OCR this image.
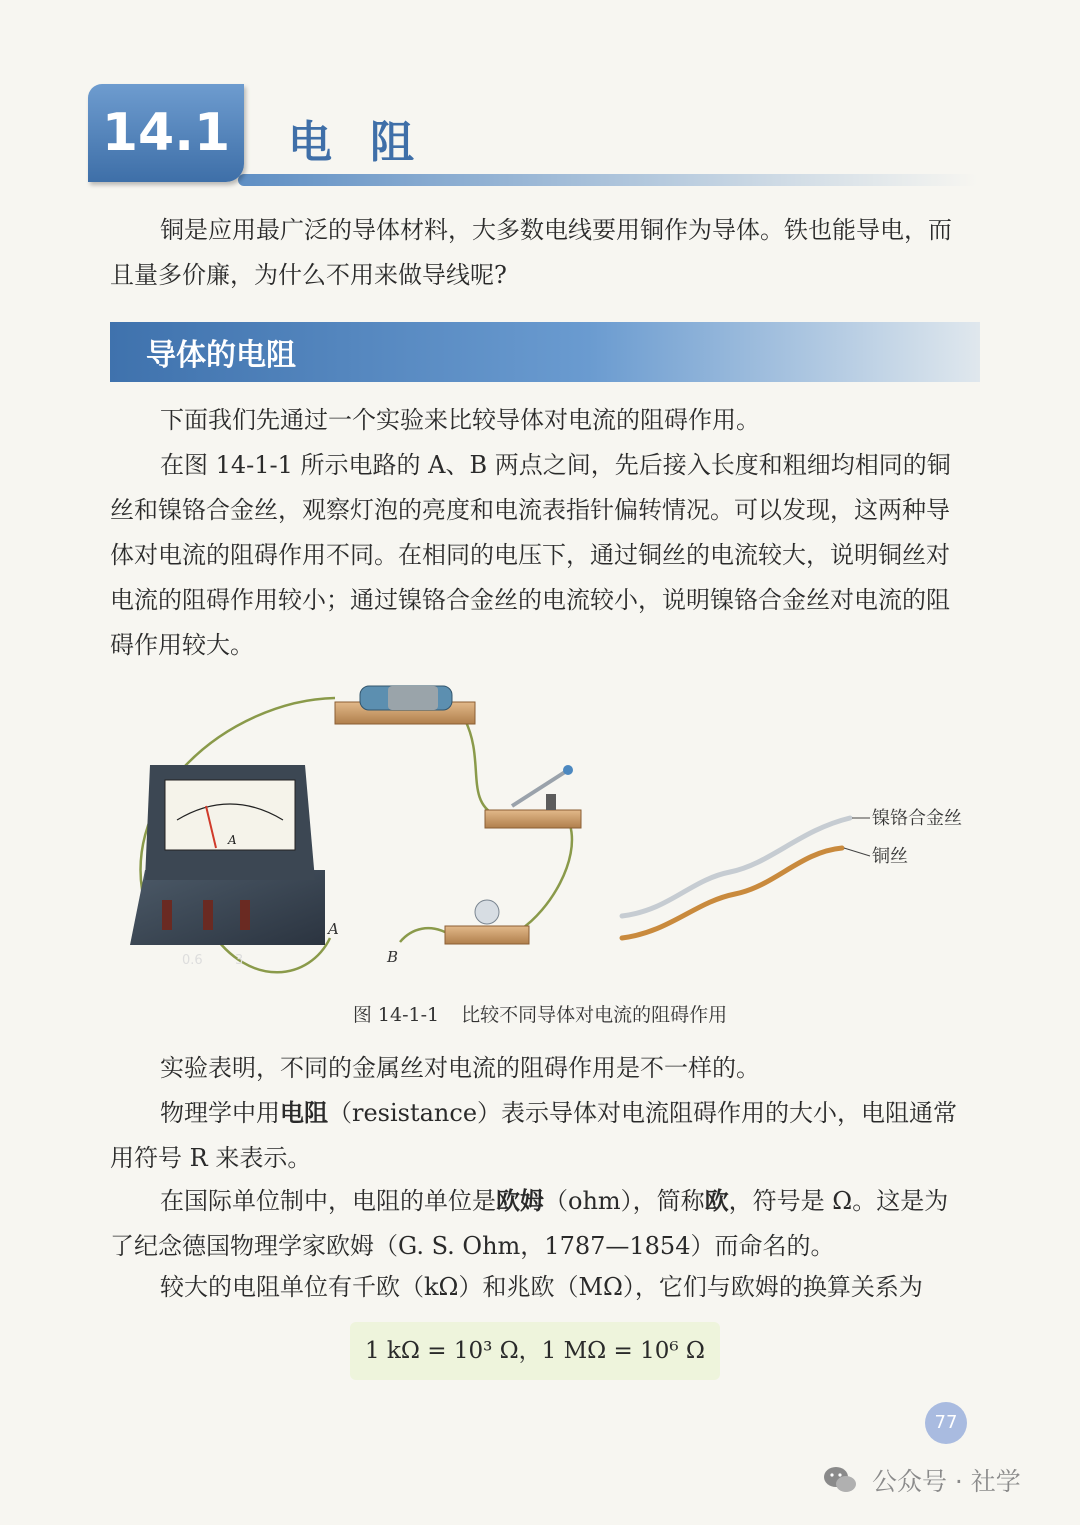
14.1	电阻

铜是应用最广泛的导体材料，大多数电线要用铜作为导体。铁也能导电，而且量多价廉，为什么不用来做导线呢?

导体的电阻

下面我们先通过一个实验来比较导体对电流的阻碍作用。

在图 14-1-1 所示电路的 A、B 两点之间，先后接入长度和粗细均相同的铜丝和镍铬合金丝，观察灯泡的亮度和电流表指针偏转情况。可以发现，这两种导体对电流的阻碍作用不同。在相同的电压下，通过铜丝的电流较大，说明铜丝对电流的阻碍作用较小；通过镍铬合金丝的电流较小，说明镍铬合金丝对电流的阻碍作用较大。

A
0.6 3
A
B
镍铬合金丝
铜丝
图 14-1-1 比较不同导体对电流的阻碍作用

实验表明，不同的金属丝对电流的阻碍作用是不一样的。

物理学中用电阻（resistance）表示导体对电流阻碍作用的大小，电阻通常用符号 R 来表示。

在国际单位制中，电阻的单位是欧姆（ohm），简称欧，符号是 Ω。这是为了纪念德国物理学家欧姆（G. S. Ohm，1787—1854）而命名的。

较大的电阻单位有千欧（kΩ）和兆欧（MΩ），它们与欧姆的换算关系为

1 kΩ = 10³ Ω，1 MΩ = 10⁶ Ω
77
公众号 · 社学
